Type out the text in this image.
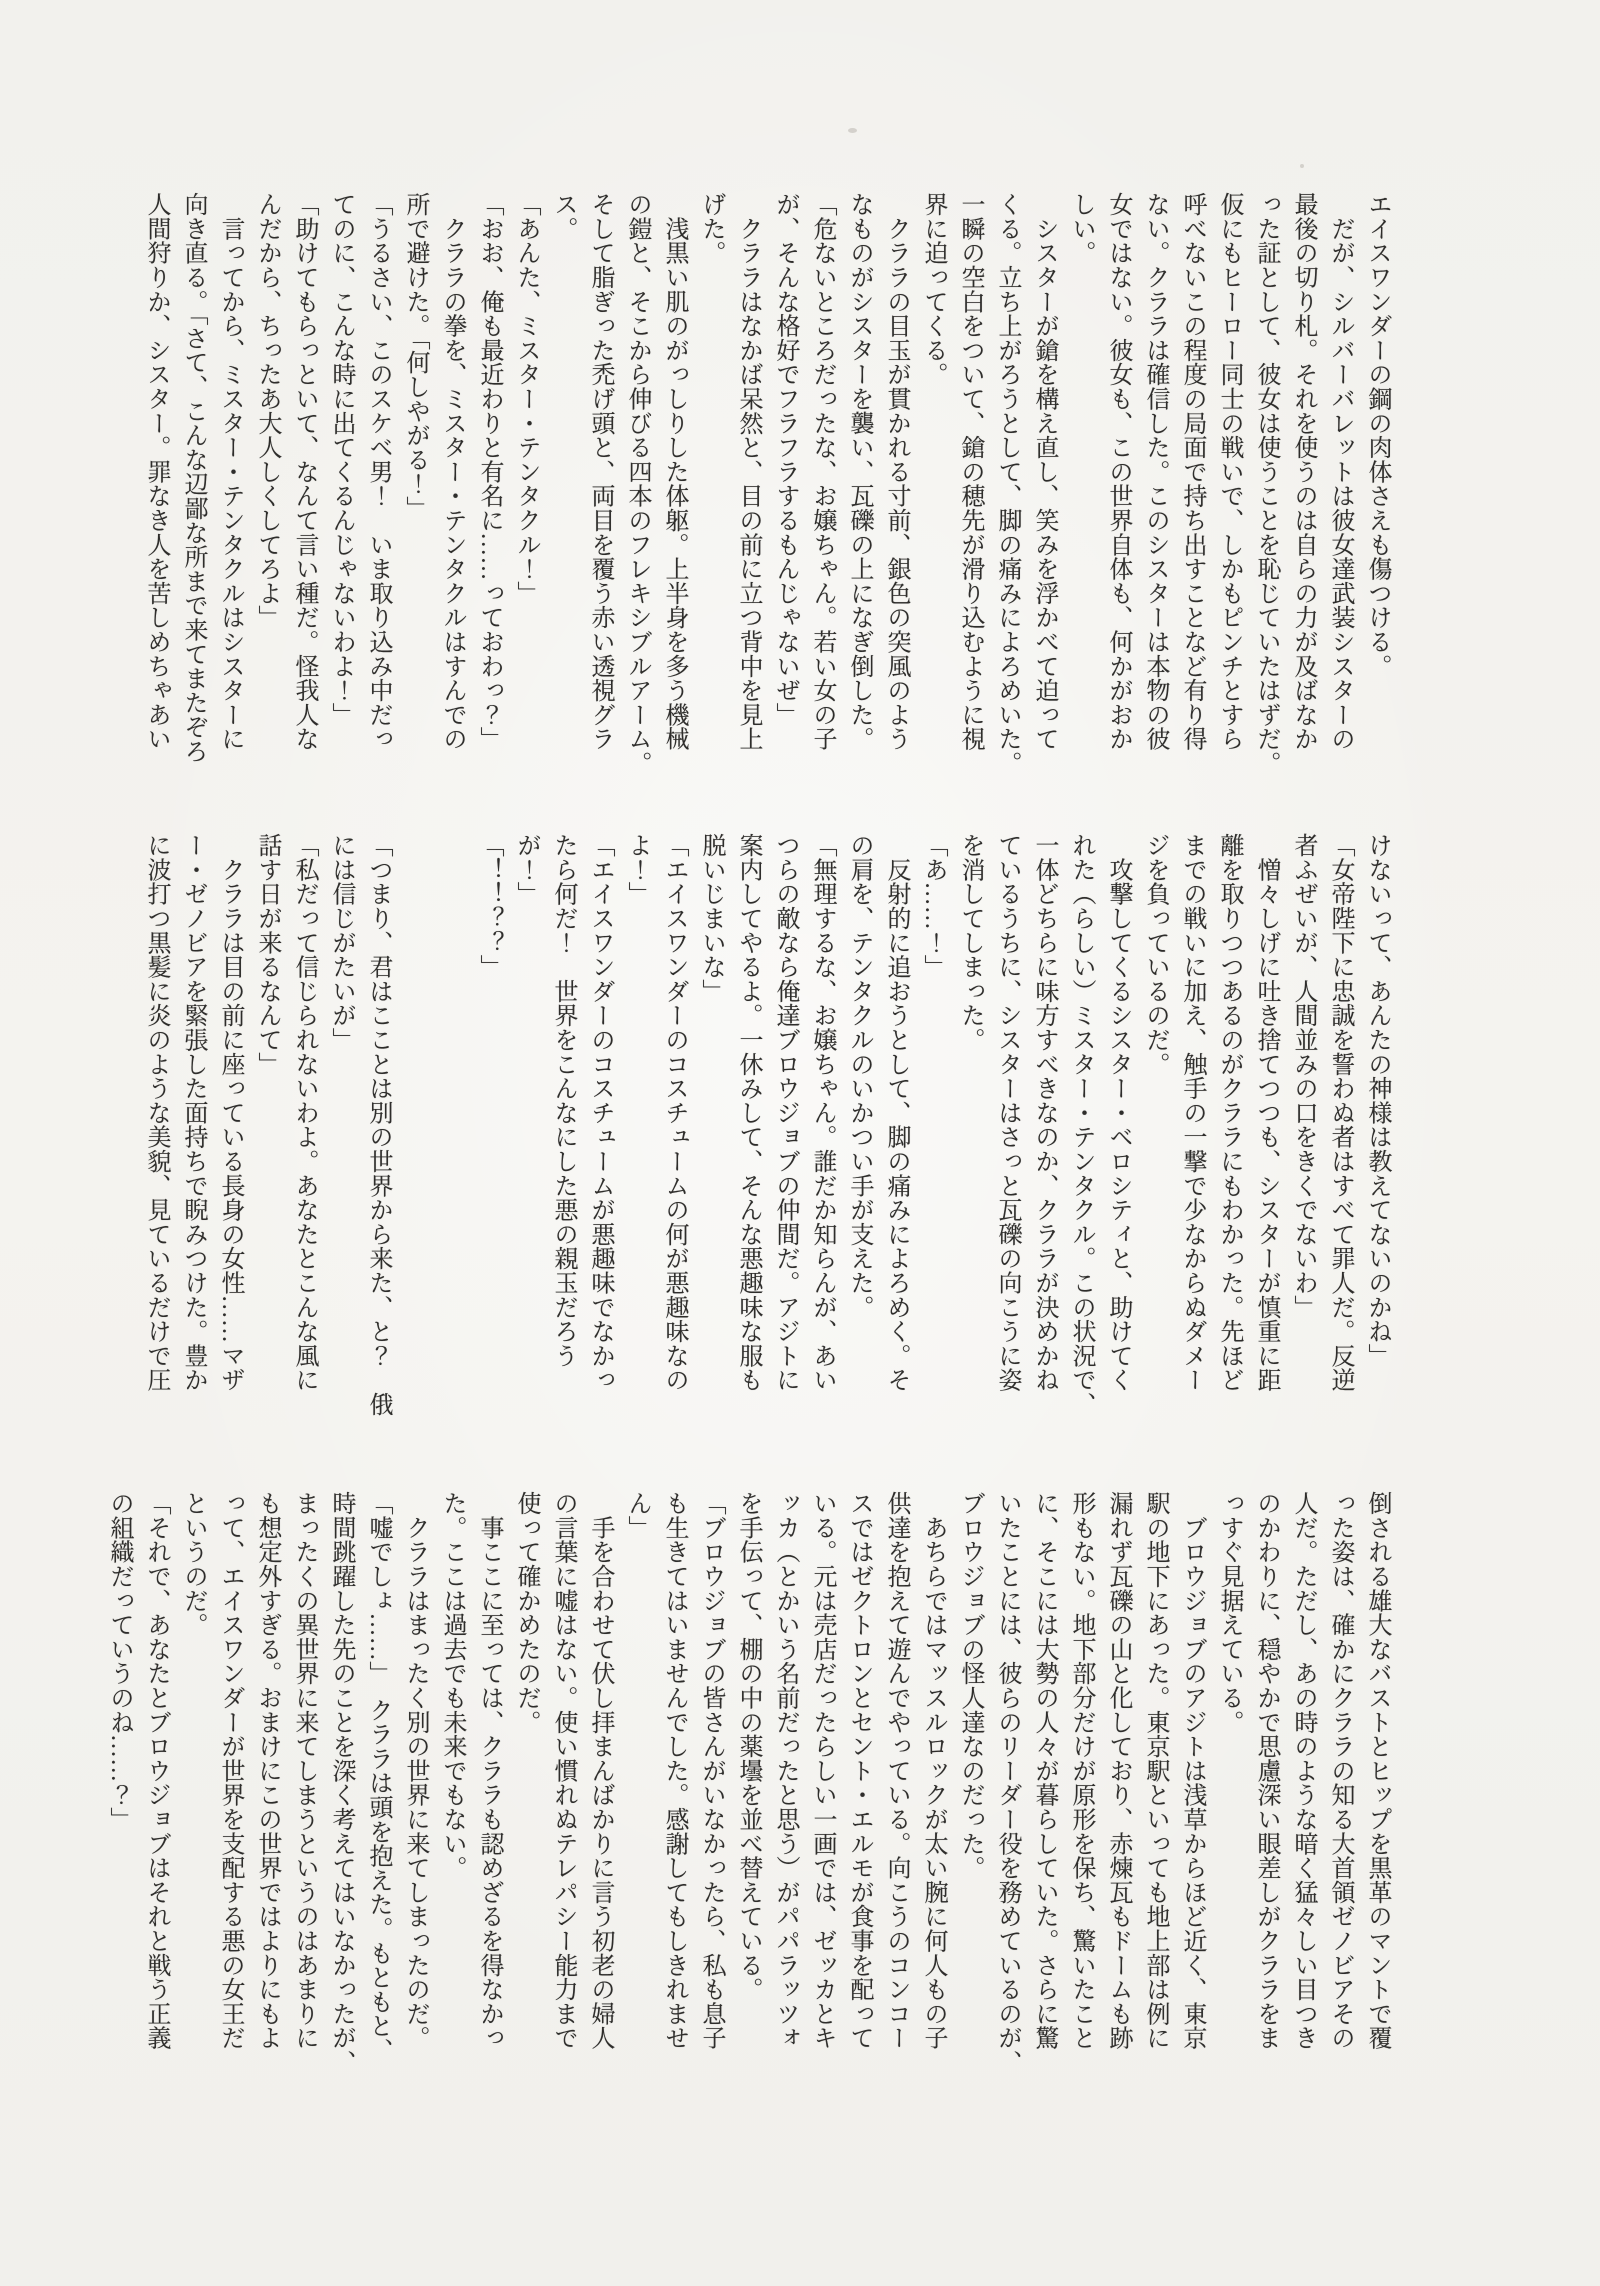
エイスワンダーの鋼の肉体さえも傷つける。

　だが、シルバーバレットは彼女達武装シスターの

最後の切り札。それを使うのは自らの力が及ばなか

った証として、彼女は使うことを恥じていたはずだ。

仮にもヒーロー同士の戦いで、しかもピンチとすら

呼べないこの程度の局面で持ち出すことなど有り得

ない。クララは確信した。このシスターは本物の彼

女ではない。彼女も、この世界自体も、何かがおか

しい。

　シスターが鎗を構え直し、笑みを浮かべて迫って

くる。立ち上がろうとして、脚の痛みによろめいた。

一瞬の空白をついて、鎗の穂先が滑り込むように視

界に迫ってくる。

　クララの目玉が貫かれる寸前、銀色の突風のよう

なものがシスターを襲い、瓦礫の上になぎ倒した。

「危ないところだったな、お嬢ちゃん。若い女の子

が、そんな格好でフラフラするもんじゃないぜ」

　クララはなかば呆然と、目の前に立つ背中を見上

げた。

　浅黒い肌のがっしりした体躯。上半身を多う機械

の鎧と、そこから伸びる四本のフレキシブルアーム。

そして脂ぎった禿げ頭と、両目を覆う赤い透視グラ

ス。

「あんた、ミスター・テンタクル！」

「おお、俺も最近わりと有名に……っておわっ？」

　クララの拳を、ミスター・テンタクルはすんでの

所で避けた。「何しやがる！」

「うるさい、このスケベ男！　いま取り込み中だっ

てのに、こんな時に出てくるんじゃないわよ！」

「助けてもらっといて、なんて言い種だ。怪我人な

んだから、ちったあ大人しくしてろよ」

　言ってから、ミスター・テンタクルはシスターに

向き直る。「さて、こんな辺鄙な所まで来てまたぞろ

人間狩りか、シスター。罪なき人を苦しめちゃあい

けないって、あんたの神様は教えてないのかね」

「女帝陛下に忠誠を誓わぬ者はすべて罪人だ。反逆

者ふぜいが、人間並みの口をきくでないわ」

　憎々しげに吐き捨てつつも、シスターが慎重に距

離を取りつつあるのがクララにもわかった。先ほど

までの戦いに加え、触手の一撃で少なからぬダメー

ジを負っているのだ。

　攻撃してくるシスター・ベロシティと、助けてく

れた（らしい）ミスター・テンタクル。この状況で、

一体どちらに味方すべきなのか、クララが決めかね

ているうちに、シスターはさっと瓦礫の向こうに姿

を消してしまった。

「あ……！」

　反射的に追おうとして、脚の痛みによろめく。そ

の肩を、テンタクルのいかつい手が支えた。

「無理するな、お嬢ちゃん。誰だか知らんが、あい

つらの敵なら俺達ブロウジョブの仲間だ。アジトに

案内してやるよ。一休みして、そんな悪趣味な服も

脱いじまいな」

「エイスワンダーのコスチュームの何が悪趣味なの

よ！」

「エイスワンダーのコスチュームが悪趣味でなかっ

たら何だ！　世界をこんなにした悪の親玉だろう

が！」

「！！？？」

「つまり、君はこことは別の世界から来た、と？　俄

には信じがたいが」

「私だって信じられないわよ。あなたとこんな風に

話す日が来るなんて」

　クララは目の前に座っている長身の女性……マザ

ー・ゼノビアを緊張した面持ちで睨みつけた。豊か

に波打つ黒髪に炎のような美貌、見ているだけで圧

倒される雄大なバストとヒップを黒革のマントで覆

った姿は、確かにクララの知る大首領ゼノビアその

人だ。ただし、あの時のような暗く猛々しい目つき

のかわりに、穏やかで思慮深い眼差しがクララをま

っすぐ見据えている。

　ブロウジョブのアジトは浅草からほど近く、東京

駅の地下にあった。東京駅といっても地上部は例に

漏れず瓦礫の山と化しており、赤煉瓦もドームも跡

形もない。地下部分だけが原形を保ち、驚いたこと

に、そこには大勢の人々が暮らしていた。さらに驚

いたことには、彼らのリーダー役を務めているのが、

ブロウジョブの怪人達なのだった。

　あちらではマッスルロックが太い腕に何人もの子

供達を抱えて遊んでやっている。向こうのコンコー

スではゼクトロンとセント・エルモが食事を配って

いる。元は売店だったらしい一画では、ゼッカとキ

ッカ（とかいう名前だったと思う）がパパラッツォ

を手伝って、棚の中の薬壜を並べ替えている。

「ブロウジョブの皆さんがいなかったら、私も息子

も生きてはいませんでした。感謝してもしきれませ

ん」

　手を合わせて伏し拝まんばかりに言う初老の婦人

の言葉に嘘はない。使い慣れぬテレパシー能力まで

使って確かめたのだ。

　事ここに至っては、クララも認めざるを得なかっ

た。ここは過去でも未来でもない。

　クララはまったく別の世界に来てしまったのだ。

「嘘でしょ……」　クララは頭を抱えた。もともと、

時間跳躍した先のことを深く考えてはいなかったが、

まったくの異世界に来てしまうというのはあまりに

も想定外すぎる。おまけにこの世界ではよりにもよ

って、エイスワンダーが世界を支配する悪の女王だ

というのだ。

「それで、あなたとブロウジョブはそれと戦う正義

の組織だっていうのね……？」
